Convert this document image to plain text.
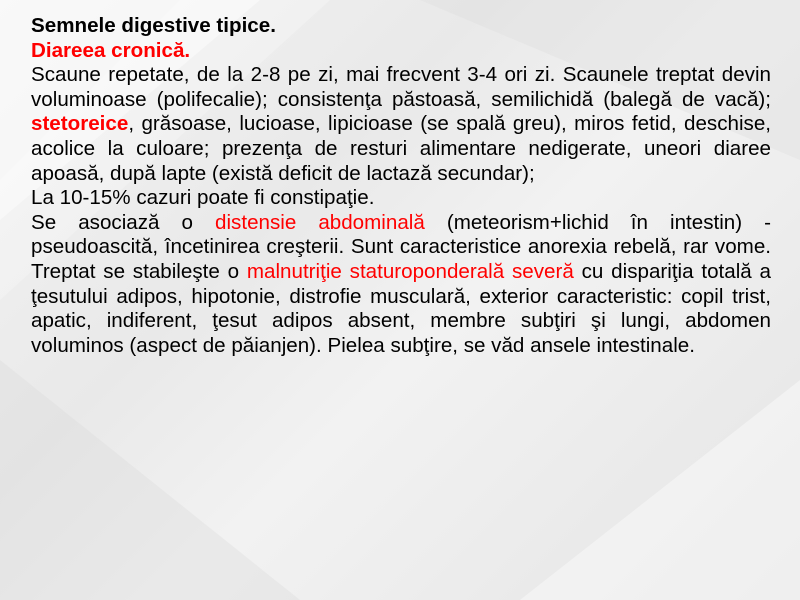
Semnele digestive tipice.

Diareea cronică.

Scaune repetate, de la 2-8 pe zi, mai frecvent 3-4 ori zi. Scaunele treptat devin voluminoase (polifecalie); consistenţa păstoasă, semilichidă (balegă de vacă); stetoreice, grăsoase, lucioase, lipicioase (se spală greu), miros fetid, deschise, acolice la culoare; prezenţa de resturi alimentare nedigerate, uneori diaree apoasă, după lapte (există deficit de lactază secundar);

La 10-15% cazuri poate fi constipaţie.

Se asociază o distensie abdominală (meteorism+lichid în intestin) - pseudoascită, încetinirea creşterii. Sunt caracteristice anorexia rebelă, rar vome. Treptat se stabileşte o malnutriţie staturoponderală severă cu dispariţia totală a ţesutului adipos, hipotonie, distrofie musculară, exterior caracteristic: copil trist, apatic, indiferent, ţesut adipos absent, membre subţiri şi lungi, abdomen voluminos (aspect de păianjen). Pielea subţire, se văd ansele intestinale.
